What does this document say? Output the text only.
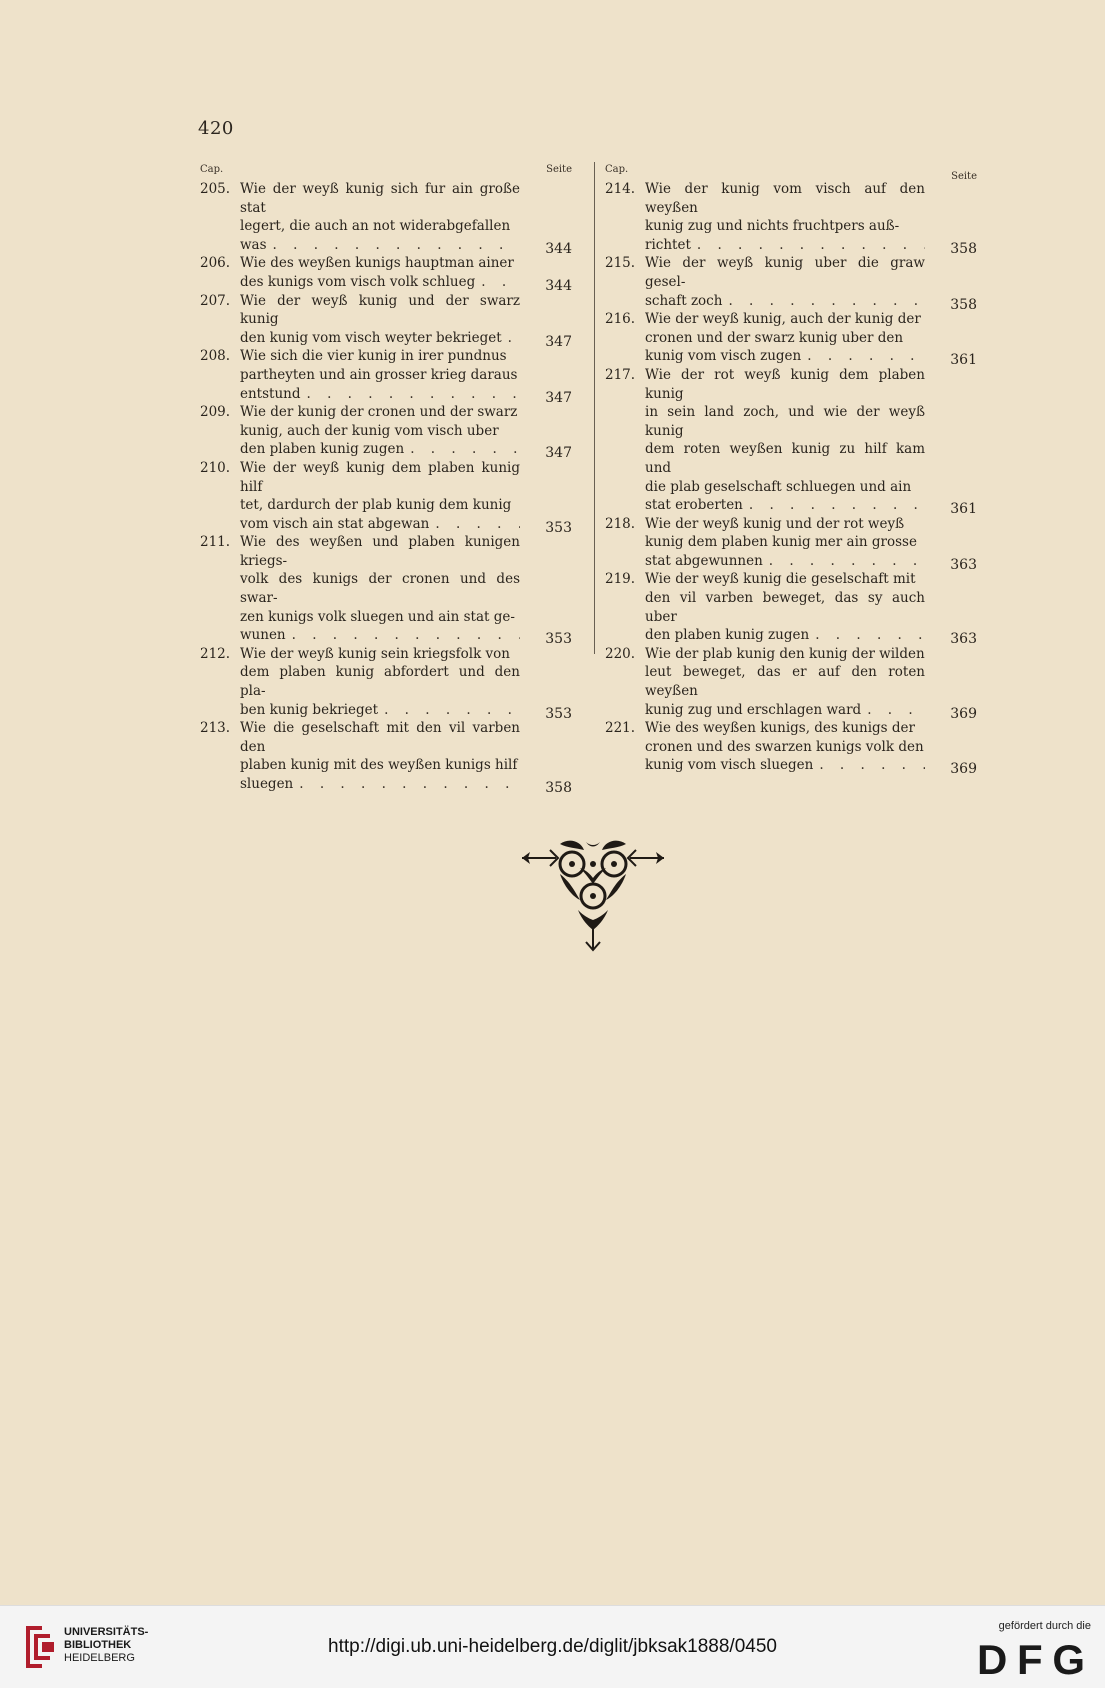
420
Cap.	Seite
205. Wie der weyß kunig sich fur ain große stat
legert, die auch an not widerabgefallen
was . . .	344
206. Wie des weyßen kunigs hauptman ainer
des kunigs vom visch volk schlueg . . .	344
207. Wie der weyß kunig und der swarz kunig
den kunig vom visch weyter bekrieget . . .	347
208. Wie sich die vier kunig in irer pundnus
partheyten und ain grosser krieg daraus
entstund . . .	347
209. Wie der kunig der cronen und der swarz
kunig, auch der kunig vom visch uber
den plaben kunig zugen . . .	347
210. Wie der weyß kunig dem plaben kunig hilf
tet, dardurch der plab kunig dem kunig
vom visch ain stat abgewan . . .	353
211. Wie des weyßen und plaben kunigen kriegs-
volk des kunigs der cronen und des swar-
zen kunigs volk sluegen und ain stat ge-
wunen . . .	353
212. Wie der weyß kunig sein kriegsfolk von
dem plaben kunig abfordert und den pla-
ben kunig bekrieget . . .	353
213. Wie die geselschaft mit den vil varben den
plaben kunig mit des weyßen kunigs hilf
sluegen . . .	358
Cap.
Seite
214. Wie der kunig vom visch auf den weyßen
kunig zug und nichts fruchtpers auß-
richtet . . .	358
215. Wie der weyß kunig uber die graw gesel-
schaft zoch . . .	358
216. Wie der weyß kunig, auch der kunig der
cronen und der swarz kunig uber den
kunig vom visch zugen . . .	361
217. Wie der rot weyß kunig dem plaben kunig
in sein land zoch, und wie der weyß kunig
dem roten weyßen kunig zu hilf kam und
die plab geselschaft schluegen und ain
stat eroberten . . .	361
218. Wie der weyß kunig und der rot weyß
kunig dem plaben kunig mer ain grosse
stat abgewunnen . . .	363
219. Wie der weyß kunig die geselschaft mit
den vil varben beweget, das sy auch uber
den plaben kunig zugen . . .	363
220. Wie der plab kunig den kunig der wilden
leut beweget, das er auf den roten weyßen
kunig zug und erschlagen ward . . .	369
221. Wie des weyßen kunigs, des kunigs der
cronen und des swarzen kunigs volk den
kunig vom visch sluegen . . .	369
UNIVERSITÄTS-
BIBLIOTHEK
HEIDELBERG
http://digi.ub.uni-heidelberg.de/diglit/jbksak1888/0450
gefördert durch die
DFG
